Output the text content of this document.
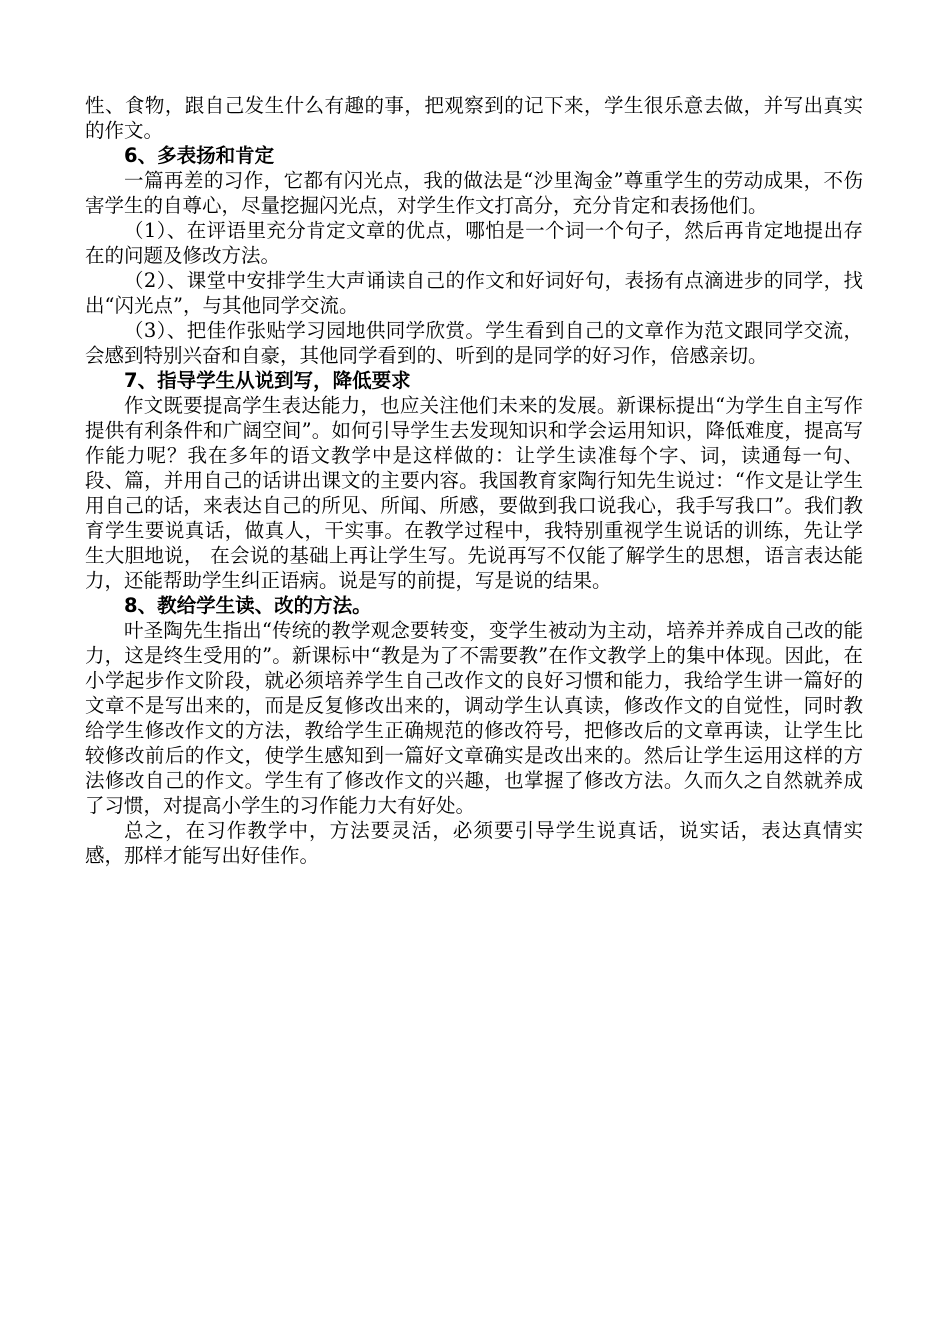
性、食物，跟自己发生什么有趣的事，把观察到的记下来，学生很乐意去做，并写出真实的作文。

6、多表扬和肯定

一篇再差的习作，它都有闪光点，我的做法是“沙里淘金”尊重学生的劳动成果，不伤害学生的自尊心，尽量挖掘闪光点，对学生作文打高分，充分肯定和表扬他们。

（1）、在评语里充分肯定文章的优点，哪怕是一个词一个句子，然后再肯定地提出存在的问题及修改方法。

（2）、课堂中安排学生大声诵读自己的作文和好词好句，表扬有点滴进步的同学，找出“闪光点”，与其他同学交流。

（3）、把佳作张贴学习园地供同学欣赏。学生看到自己的文章作为范文跟同学交流，会感到特别兴奋和自豪，其他同学看到的、听到的是同学的好习作，倍感亲切。

7、指导学生从说到写，降低要求

作文既要提高学生表达能力，也应关注他们未来的发展。新课标提出“为学生自主写作提供有利条件和广阔空间”。如何引导学生去发现知识和学会运用知识，降低难度，提高写作能力呢？我在多年的语文教学中是这样做的：让学生读准每个字、词，读通每一句、段、篇，并用自己的话讲出课文的主要内容。我国教育家陶行知先生说过：“作文是让学生用自己的话，来表达自己的所见、所闻、所感，要做到我口说我心，我手写我口”。我们教育学生要说真话，做真人，干实事。在教学过程中，我特别重视学生说话的训练，先让学生大胆地说， 在会说的基础上再让学生写。先说再写不仅能了解学生的思想，语言表达能力，还能帮助学生纠正语病。说是写的前提，写是说的结果。

8、教给学生读、改的方法。

叶圣陶先生指出“传统的教学观念要转变，变学生被动为主动，培养并养成自己改的能力，这是终生受用的”。新课标中“教是为了不需要教”在作文教学上的集中体现。因此，在小学起步作文阶段，就必须培养学生自己改作文的良好习惯和能力，我给学生讲一篇好的文章不是写出来的，而是反复修改出来的，调动学生认真读，修改作文的自觉性，同时教给学生修改作文的方法，教给学生正确规范的修改符号，把修改后的文章再读，让学生比较修改前后的作文，使学生感知到一篇好文章确实是改出来的。然后让学生运用这样的方法修改自己的作文。学生有了修改作文的兴趣，也掌握了修改方法。久而久之自然就养成了习惯，对提高小学生的习作能力大有好处。

总之，在习作教学中，方法要灵活，必须要引导学生说真话，说实话，表达真情实感，那样才能写出好佳作。
